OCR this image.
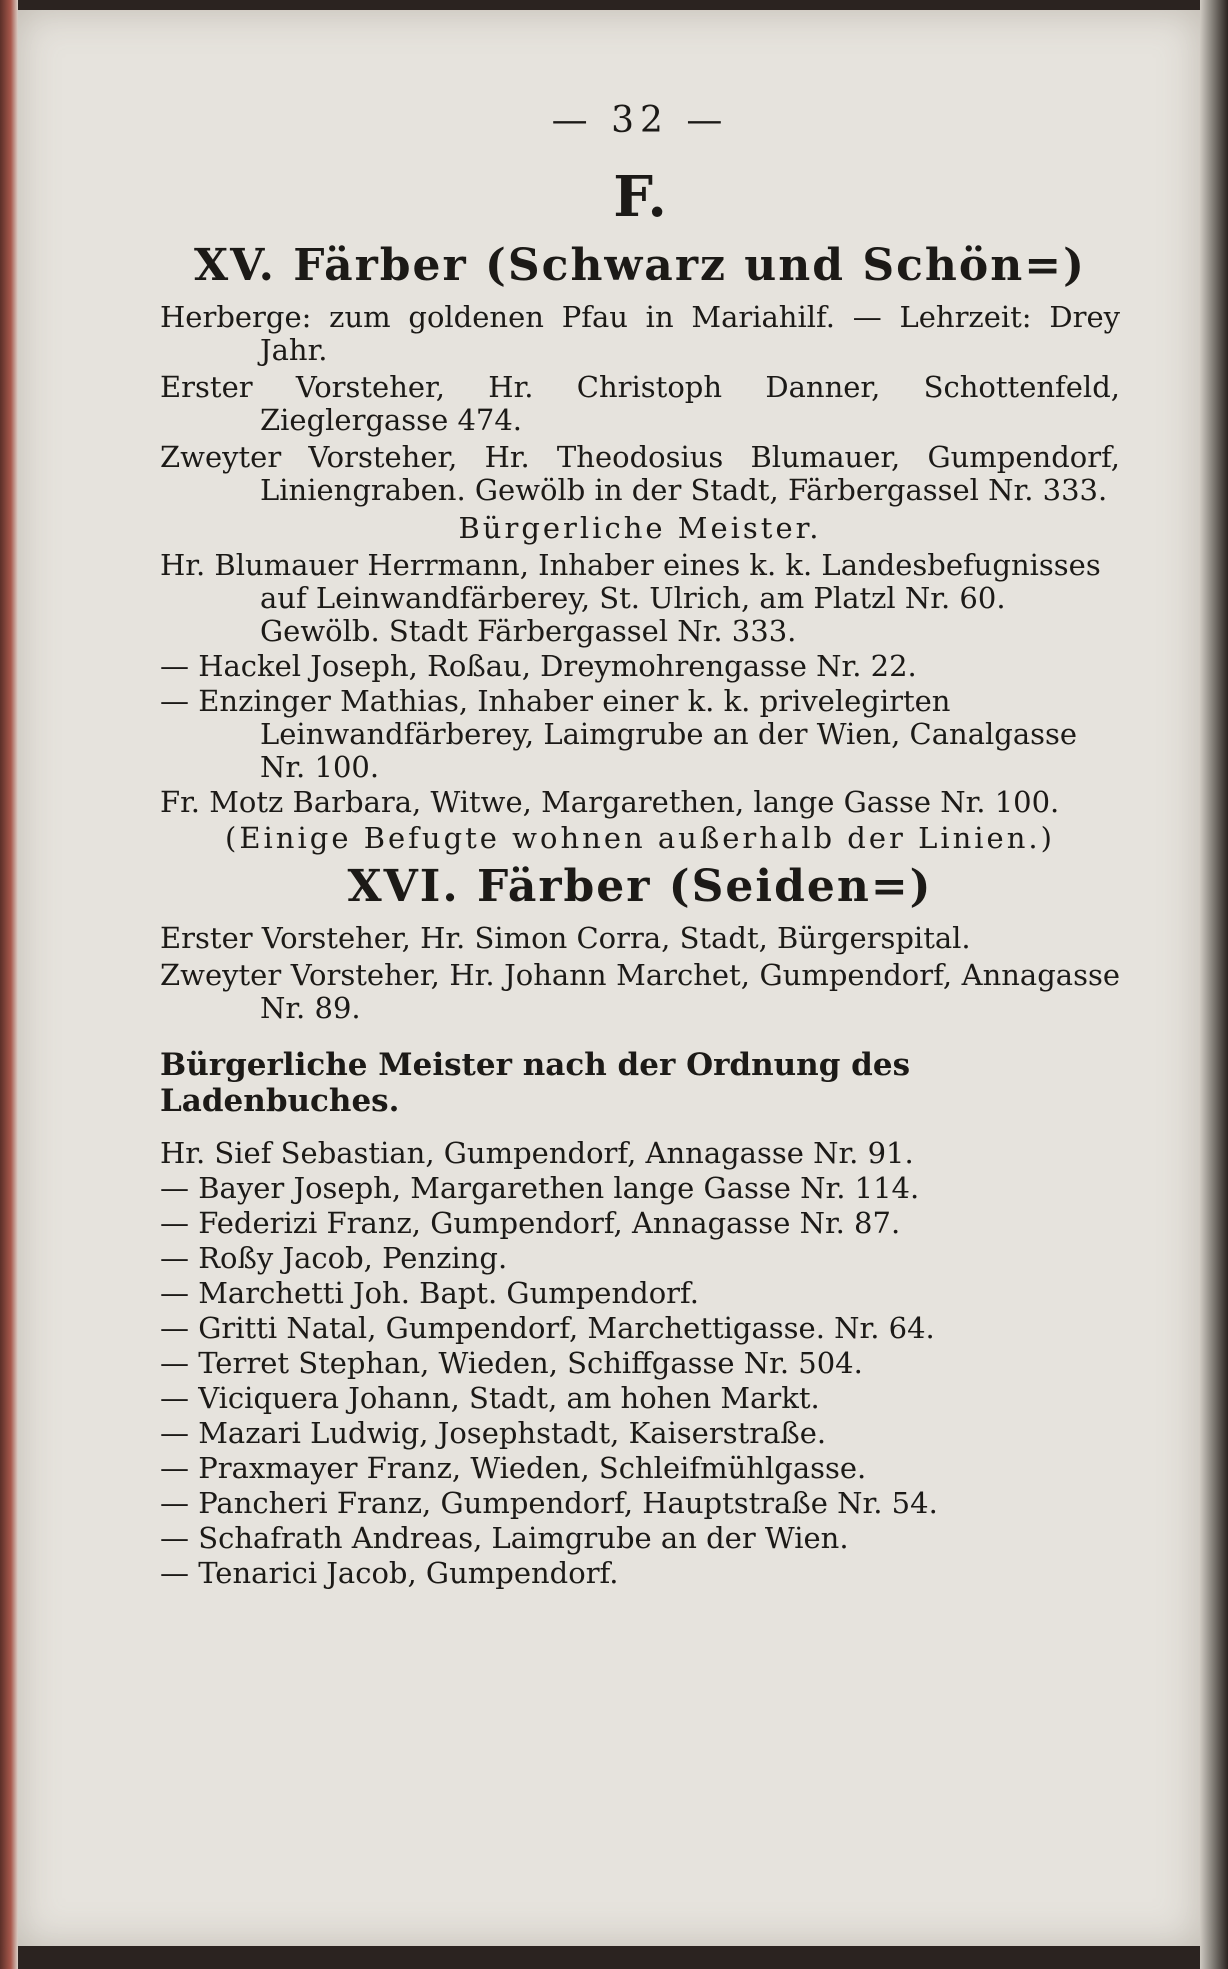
— 32 —
F.
XV. Färber (Schwarz und Schön=)
Herberge: zum goldenen Pfau in Mariahilf. — Lehrzeit: Drey Jahr.
Erster Vorsteher, Hr. Christoph Danner, Schottenfeld, Zieglergasse 474.
Zweyter Vorsteher, Hr. Theodosius Blumauer, Gumpendorf, Liniengraben. Gewölb in der Stadt, Färbergassel Nr. 333.
Bürgerliche Meister.
Hr. Blumauer Herrmann, Inhaber eines k. k. Landesbefugnisses auf Leinwandfärberey, St. Ulrich, am Platzl Nr. 60. Gewölb. Stadt Färbergassel Nr. 333.
— Hackel Joseph, Roßau, Dreymohrengasse Nr. 22.
— Enzinger Mathias, Inhaber einer k. k. privelegirten Leinwandfärberey, Laimgrube an der Wien, Canalgasse Nr. 100.
Fr. Motz Barbara, Witwe, Margarethen, lange Gasse Nr. 100.
(Einige Befugte wohnen außerhalb der Linien.)
XVI. Färber (Seiden=)
Erster Vorsteher, Hr. Simon Corra, Stadt, Bürgerspital.
Zweyter Vorsteher, Hr. Johann Marchet, Gumpendorf, Annagasse Nr. 89.
Bürgerliche Meister nach der Ordnung des Ladenbuches.
Hr. Sief Sebastian, Gumpendorf, Annagasse Nr. 91.
— Bayer Joseph, Margarethen lange Gasse Nr. 114.
— Federizi Franz, Gumpendorf, Annagasse Nr. 87.
— Roßy Jacob, Penzing.
— Marchetti Joh. Bapt. Gumpendorf.
— Gritti Natal, Gumpendorf, Marchettigasse. Nr. 64.
— Terret Stephan, Wieden, Schiffgasse Nr. 504.
— Viciquera Johann, Stadt, am hohen Markt.
— Mazari Ludwig, Josephstadt, Kaiserstraße.
— Praxmayer Franz, Wieden, Schleifmühlgasse.
— Pancheri Franz, Gumpendorf, Hauptstraße Nr. 54.
— Schafrath Andreas, Laimgrube an der Wien.
— Tenarici Jacob, Gumpendorf.
